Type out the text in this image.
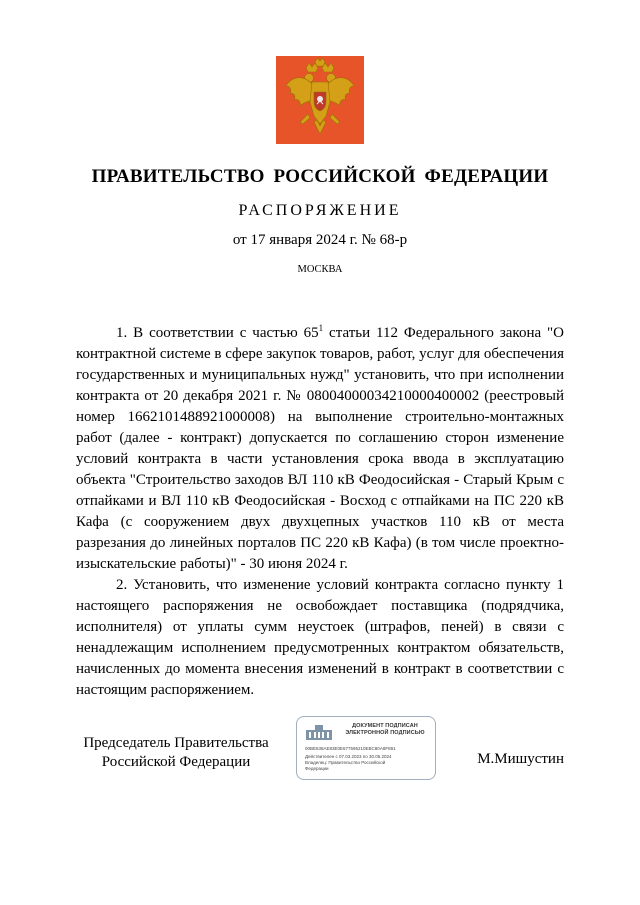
ПРАВИТЕЛЬСТВО РОССИЙСКОЙ ФЕДЕРАЦИИ
РАСПОРЯЖЕНИЕ
от 17 января 2024 г. № 68-р
МОСКВА

1. В соответствии с частью $65^1$ статьи 112 Федерального закона "О контрактной системе в сфере закупок товаров, работ, услуг для обеспечения государственных и муниципальных нужд" установить, что при исполнении контракта от 20 декабря 2021 г. № 0800400003421000040000​2 (реестровый номер 1662101488921000008) на выполнение строительно-монтажных работ (далее - контракт) допускается по соглашению сторон изменение условий контракта в части установления срока ввода в эксплуатацию объекта "Строительство заходов ВЛ 110 кВ Феодосийская - Старый Крым с отпайками и ВЛ 110 кВ Феодосийская - Восход с отпайками на ПС 220 кВ Кафа (с сооружением двух двухцепных участков 110 кВ от места разрезания до линейных порталов ПС 220 кВ Кафа) (в том числе проектно-изыскательские работы)" - 30 июня 2024 г.

2. Установить, что изменение условий контракта согласно пункту 1 настоящего распоряжения не освобождает поставщика (подрядчика, исполнителя) от уплаты сумм неустоек (штрафов, пеней) в связи с ненадлежащим исполнением предусмотренных контрактом обязательств, начисленных до момента внесения изменений в контракт в соответствии с настоящим распоряжением.

Председатель Правительства
Российской Федерации
ДОКУМЕНТ ПОДПИСАН
ЭЛЕКТРОННОЙ ПОДПИСЬЮ
00BE638AE83E0E677595210EBC80A8F891
Действителен с 07.03.2023 по 30.05.2024
Владелец: Правительство Российской
Федерации
М.Мишустин
